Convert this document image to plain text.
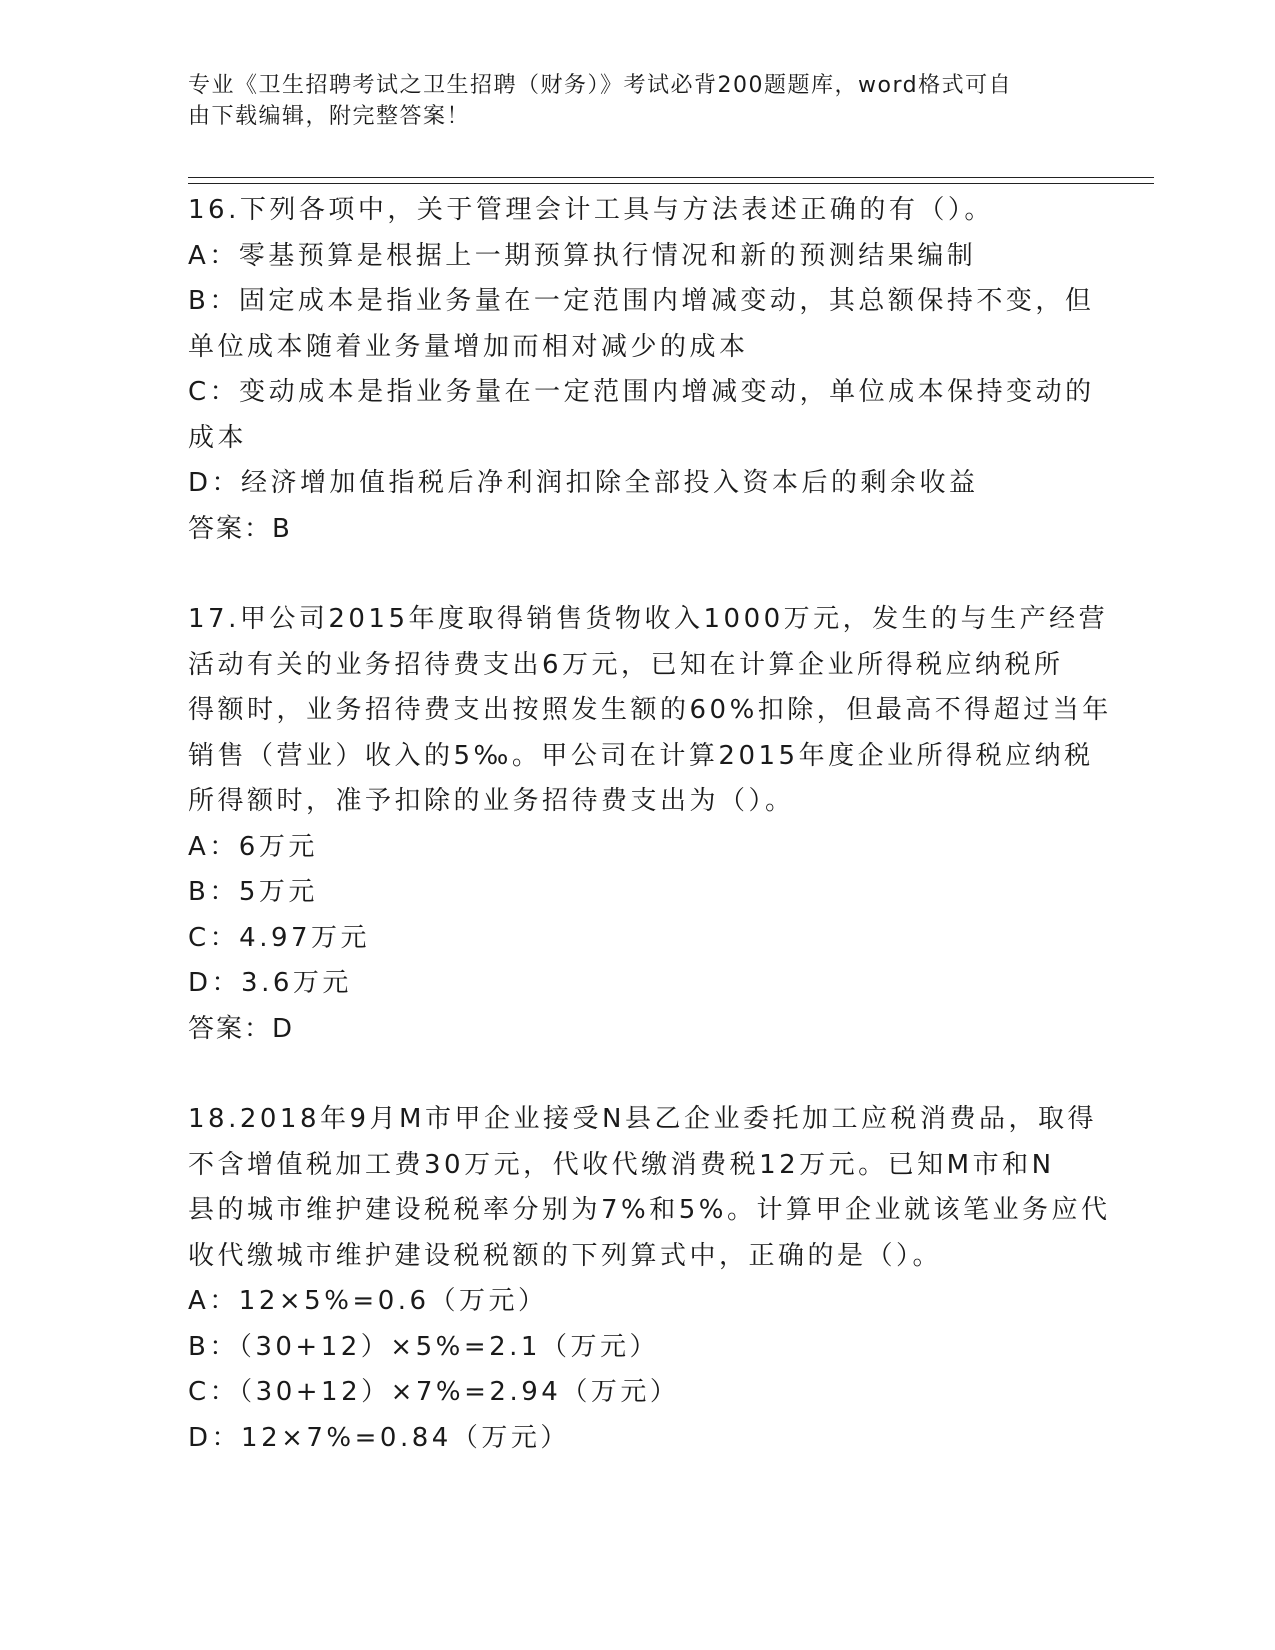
专业《卫生招聘考试之卫生招聘（财务）》考试必背200题题库，word格式可自
由下载编辑，附完整答案！

16.下列各项中，关于管理会计工具与方法表述正确的有（）。

A：零基预算是根据上一期预算执行情况和新的预测结果编制

B：固定成本是指业务量在一定范围内增减变动，其总额保持不变，但

单位成本随着业务量增加而相对减少的成本

C：变动成本是指业务量在一定范围内增减变动，单位成本保持变动的

成本

D：经济增加值指税后净利润扣除全部投入资本后的剩余收益

答案：B

17.甲公司2015年度取得销售货物收入1000万元，发生的与生产经营

活动有关的业务招待费支出6万元，已知在计算企业所得税应纳税所

得额时，业务招待费支出按照发生额的60%扣除，但最高不得超过当年

销售（营业）收入的5‰。甲公司在计算2015年度企业所得税应纳税

所得额时，准予扣除的业务招待费支出为（）。

A：6万元

B：5万元

C：4.97万元

D：3.6万元

答案：D

18.2018年9月M市甲企业接受N县乙企业委托加工应税消费品，取得

不含增值税加工费30万元，代收代缴消费税12万元。已知M市和N

县的城市维护建设税税率分别为7%和5%。计算甲企业就该笔业务应代

收代缴城市维护建设税税额的下列算式中，正确的是（）。

A：12×5%=0.6（万元）

B：（30+12）×5%=2.1（万元）

C：（30+12）×7%=2.94（万元）

D：12×7%=0.84（万元）
